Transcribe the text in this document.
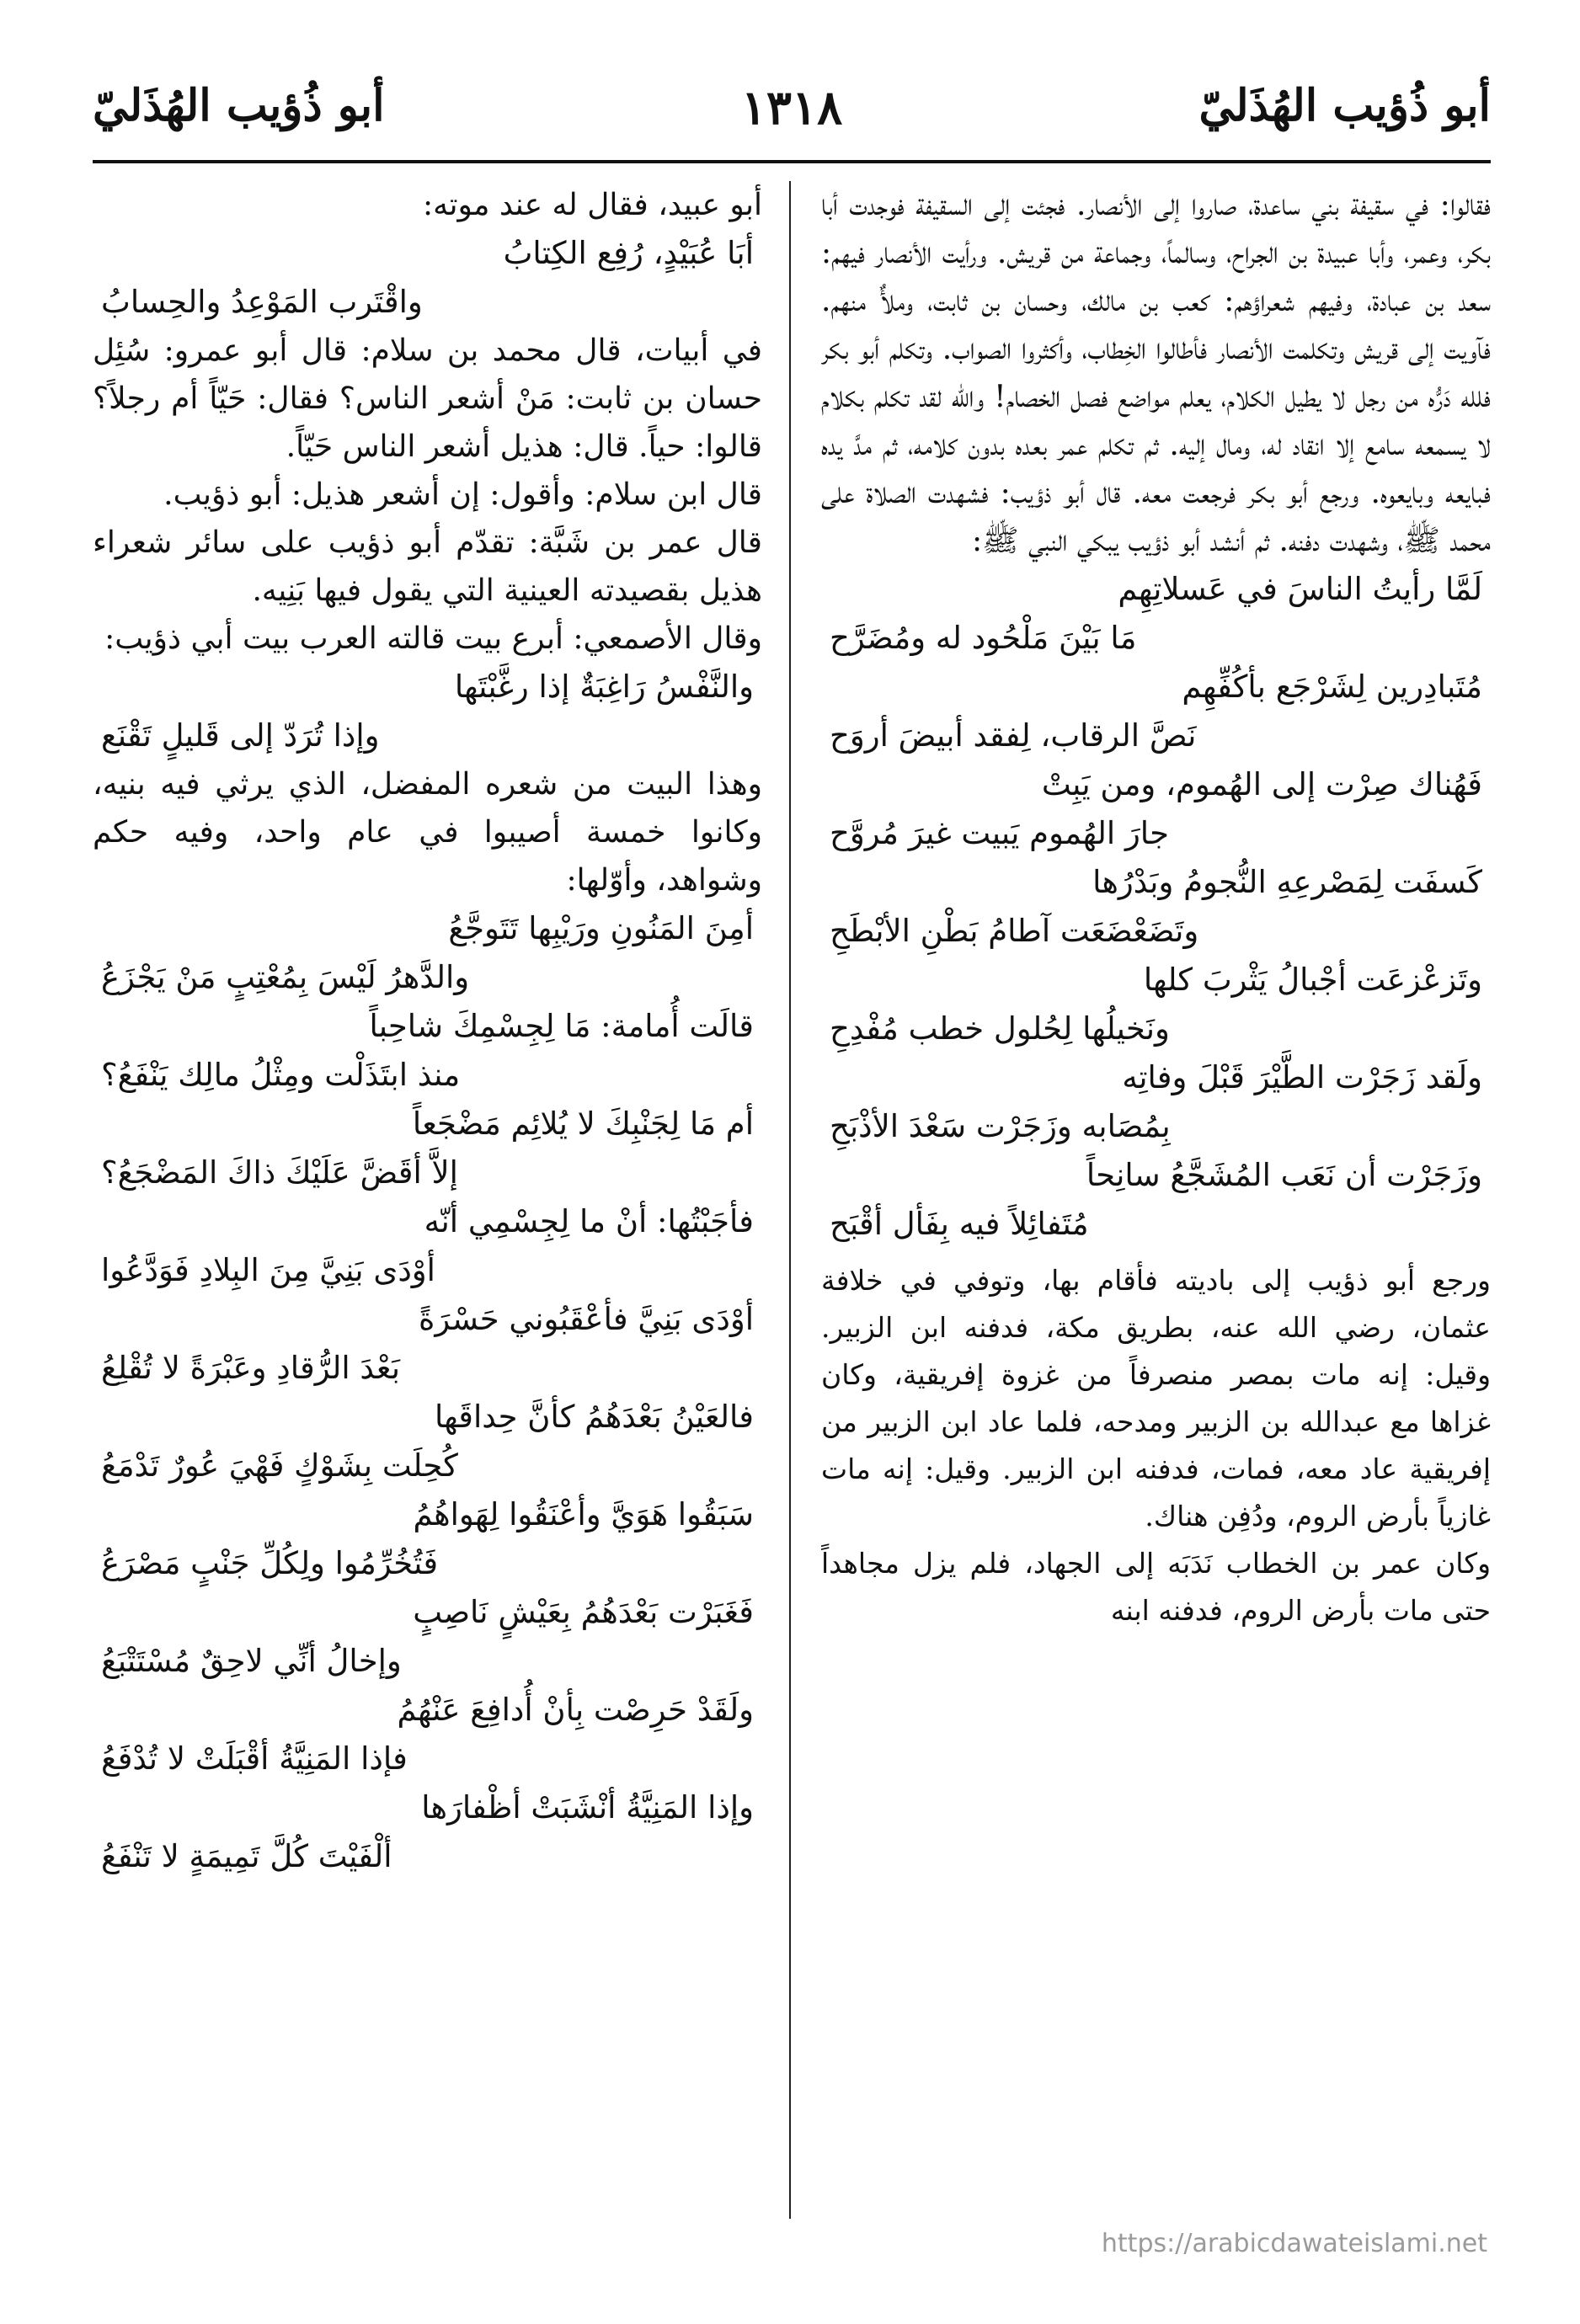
أبو ذُؤيب الهُذَليّ
١٣١٨
أبو ذُؤيب الهُذَليّ

فقالوا: في سقيفة بني ساعدة، صاروا إلى الأنصار. فجئت إلى السقيفة فوجدت أبا بكر، وعمر، وأبا عبيدة بن الجراح، وسالماً، وجماعة من قريش. ورأيت الأنصار فيهم: سعد بن عبادة، وفيهم شعراؤهم: كعب بن مالك، وحسان بن ثابت، وملأٌ منهم. فآويت إلى قريش وتكلمت الأنصار فأطالوا الخِطاب، وأكثروا الصواب. وتكلم أبو بكر فلله دَرُّه من رجل لا يطيل الكلام، يعلم مواضع فصل الخصام! والله لقد تكلم بكلام لا يسمعه سامع إلا انقاد له، ومال إليه. ثم تكلم عمر بعده بدون كلامه، ثم مدَّ يده فبايعه وبايعوه. ورجع أبو بكر فرجعت معه. قال أبو ذؤيب: فشهدت الصلاة على محمد ﷺ، وشهدت دفنه. ثم أنشد أبو ذؤيب يبكي النبي ﷺ:

لَمَّا رأيتُ الناسَ في عَسلاتِهِم

مَا بَيْنَ مَلْحُود له ومُضَرَّح

مُتَبادِرين لِشَرْجَع بأكُفِّهِم

نَصَّ الرقاب، لِفقد أبيضَ أروَح

فَهُناك صِرْت إلى الهُموم، ومن يَبِتْ

جارَ الهُموم يَبيت غيرَ مُروَّح

كَسفَت لِمَصْرعِهِ النُّجومُ وبَدْرُها

وتَضَعْضَعَت آطامُ بَطْنِ الأبْطَحِ

وتَزعْزعَت أجْبالُ يَثْربَ كلها

ونَخيلُها لِحُلول خطب مُفْدِحِ

ولَقد زَجَرْت الطَّيْرَ قَبْلَ وفاتِه

بِمُصَابه وزَجَرْت سَعْدَ الأذْبَحِ

وزَجَرْت أن نَعَب المُشَجَّعُ سانِحاً

مُتَفائِلاً فيه بِفَأل أقْبَح

ورجع أبو ذؤيب إلى باديته فأقام بها، وتوفي في خلافة عثمان، رضي الله عنه، بطريق مكة، فدفنه ابن الزبير. وقيل: إنه مات بمصر منصرفاً من غزوة إفريقية، وكان غزاها مع عبدالله بن الزبير ومدحه، فلما عاد ابن الزبير من إفريقية عاد معه، فمات، فدفنه ابن الزبير. وقيل: إنه مات غازياً بأرض الروم، ودُفِن هناك.

وكان عمر بن الخطاب نَدَبَه إلى الجهاد، فلم يزل مجاهداً حتى مات بأرض الروم، فدفنه ابنه

أبو عبيد، فقال له عند موته:

أبَا عُبَيْدٍ، رُفِع الكِتابُ

واقْتَرب المَوْعِدُ والحِسابُ

في أبيات، قال محمد بن سلام: قال أبو عمرو: سُئِل حسان بن ثابت: مَنْ أشعر الناس؟ فقال: حَيّاً أم رجلاً؟ قالوا: حياً. قال: هذيل أشعر الناس حَيّاً.

قال ابن سلام: وأقول: إن أشعر هذيل: أبو ذؤيب.

قال عمر بن شَبَّة: تقدّم أبو ذؤيب على سائر شعراء هذيل بقصيدته العينية التي يقول فيها بَنِيه.

وقال الأصمعي: أبرع بيت قالته العرب بيت أبي ذؤيب:

والنَّفْسُ رَاغِبَةٌ إذا رغَّبْتَها

وإذا تُرَدّ إلى قَليلٍ تَقْنَع

وهذا البيت من شعره المفضل، الذي يرثي فيه بنيه، وكانوا خمسة أصيبوا في عام واحد، وفيه حكم وشواهد، وأوّلها:

أمِنَ المَنُونِ ورَيْبِها تَتَوجَّعُ

والدَّهرُ لَيْسَ بِمُعْتِبٍ مَنْ يَجْزَعُ

قالَت أُمامة: مَا لِجِسْمِكَ شاحِباً

منذ ابتَذَلْت ومِثْلُ مالِك يَنْفَعُ؟

أم مَا لِجَنْبِكَ لا يُلائِم مَضْجَعاً

إلاَّ أقَضَّ عَلَيْكَ ذاكَ المَضْجَعُ؟

فأجَبْتُها: أنْ ما لِجِسْمِي أنّه

أوْدَى بَنِيَّ مِنَ البِلادِ فَوَدَّعُوا

أوْدَى بَنِيَّ فأعْقَبُوني حَسْرَةً

بَعْدَ الرُّقادِ وعَبْرَةً لا تُقْلِعُ

فالعَيْنُ بَعْدَهُمُ كأنَّ حِداقَها

كُحِلَت بِشَوْكٍ فَهْيَ عُورٌ تَدْمَعُ

سَبَقُوا هَوَيَّ وأعْنَقُوا لِهَواهُمُ

فَتُخُرِّمُوا ولِكُلِّ جَنْبٍ مَصْرَعُ

فَغَبَرْت بَعْدَهُمُ بِعَيْشٍ نَاصِبٍ

وإخالُ أنِّي لاحِقٌ مُسْتَتْبَعُ

ولَقَدْ حَرِصْت بِأنْ أُدافِعَ عَنْهُمُ

فإذا المَنِيَّةُ أقْبَلَتْ لا تُدْفَعُ

وإذا المَنِيَّةُ أنْشَبَتْ أظْفارَها

ألْفَيْتَ كُلَّ تَمِيمَةٍ لا تَنْفَعُ

https://arabicdawateislami.net
